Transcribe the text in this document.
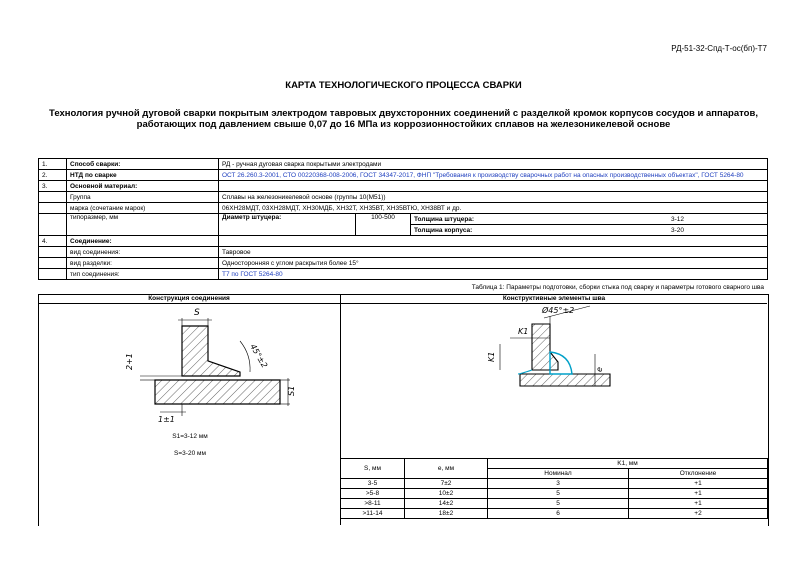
РД-51-32-Спд-Т-ос(бп)-Т7
КАРТА ТЕХНОЛОГИЧЕСКОГО ПРОЦЕССА СВАРКИ
Технология ручной дуговой сварки покрытым электродом тавровых двухсторонних соединений с разделкой кромок корпусов сосудов и аппаратов, работающих под давлением свыше 0,07 до 16 МПа из коррозионностойких сплавов на железоникелевой основе
1.	Способ сварки:	РД - ручная дуговая сварка покрытыми электродами		
2.	НТД по сварке	ОСТ 26.260.3-2001, СТО 00220368-008-2006, ГОСТ 34347-2017, ФНП "Требования к производству сварочных работ на опасных производственных объектах", ГОСТ 5264-80		
3.	Основной материал:			
	Группа	Сплавы на железоникелевой основе (группы 10(М51))		
	марка (сочетание марок)	06ХН28МДТ, 03ХН28МДТ, ХН30МДБ, ХН32Т, ХН35ВТ, ХН35ВТЮ, ХН38ВТ и др.		
	типоразмер, мм	Диаметр штуцера:	100-500	Толщина штуцера: 3-12

				Толщина корпуса: 3-20

4.	Соединение:			
	вид соединения:	Тавровое		
	вид разделки:	Односторонняя с углом раскрытия более 15°		
	тип соединения:	Т7 по ГОСТ 5264-80		
Таблица 1: Параметры подготовки, сборки стыка под сварку и параметры готового сварного шва
Конструкция соединения	Конструктивные элементы шва
S
45°±2
2+1
S1
1±1
S1=3-12 мм
S=3-20 мм
Ø45°±2
K1
K1
e
S, мм	e, мм	K1, мм	
		Номинал	Отклонение
3-5	7±2	3	+1
>5-8	10±2	5	+1
>8-11	14±2	5	+1
>11-14	18±2	6	+2
